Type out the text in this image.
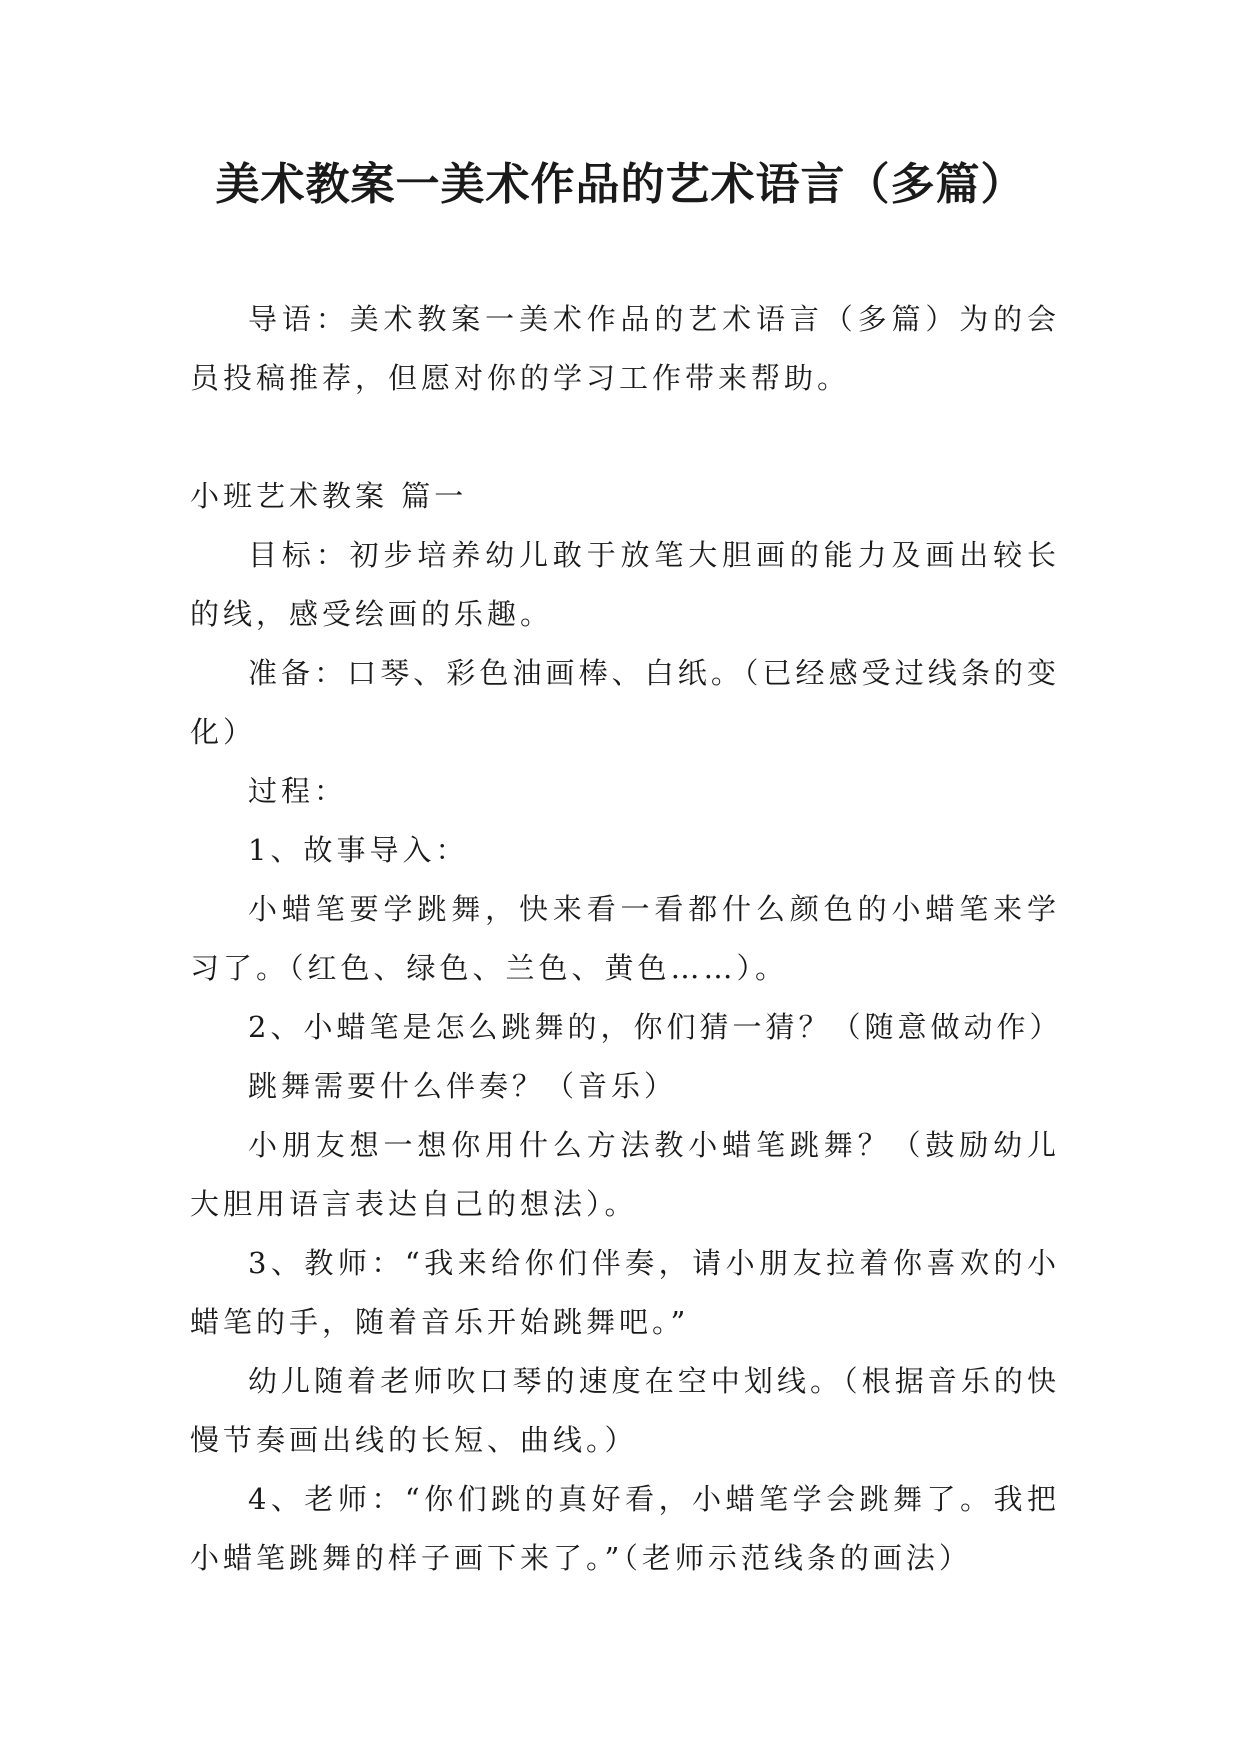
美术教案一美术作品的艺术语言（多篇）

导语：美术教案一美术作品的艺术语言（多篇）为的会员投稿推荐，但愿对你的学习工作带来帮助。

小班艺术教案 篇一

目标：初步培养幼儿敢于放笔大胆画的能力及画出较长的线，感受绘画的乐趣。

准备：口琴、彩色油画棒、白纸。（已经感受过线条的变化）

过程：

1、故事导入：

小蜡笔要学跳舞，快来看一看都什么颜色的小蜡笔来学习了。（红色、绿色、兰色、黄色……）。

2、小蜡笔是怎么跳舞的，你们猜一猜？（随意做动作）

跳舞需要什么伴奏？（音乐）

小朋友想一想你用什么方法教小蜡笔跳舞？（鼓励幼儿大胆用语言表达自己的想法）。

3、教师：“我来给你们伴奏，请小朋友拉着你喜欢的小蜡笔的手，随着音乐开始跳舞吧。”

幼儿随着老师吹口琴的速度在空中划线。（根据音乐的快慢节奏画出线的长短、曲线。）

4、老师：“你们跳的真好看，小蜡笔学会跳舞了。我把小蜡笔跳舞的样子画下来了。”（老师示范线条的画法）
